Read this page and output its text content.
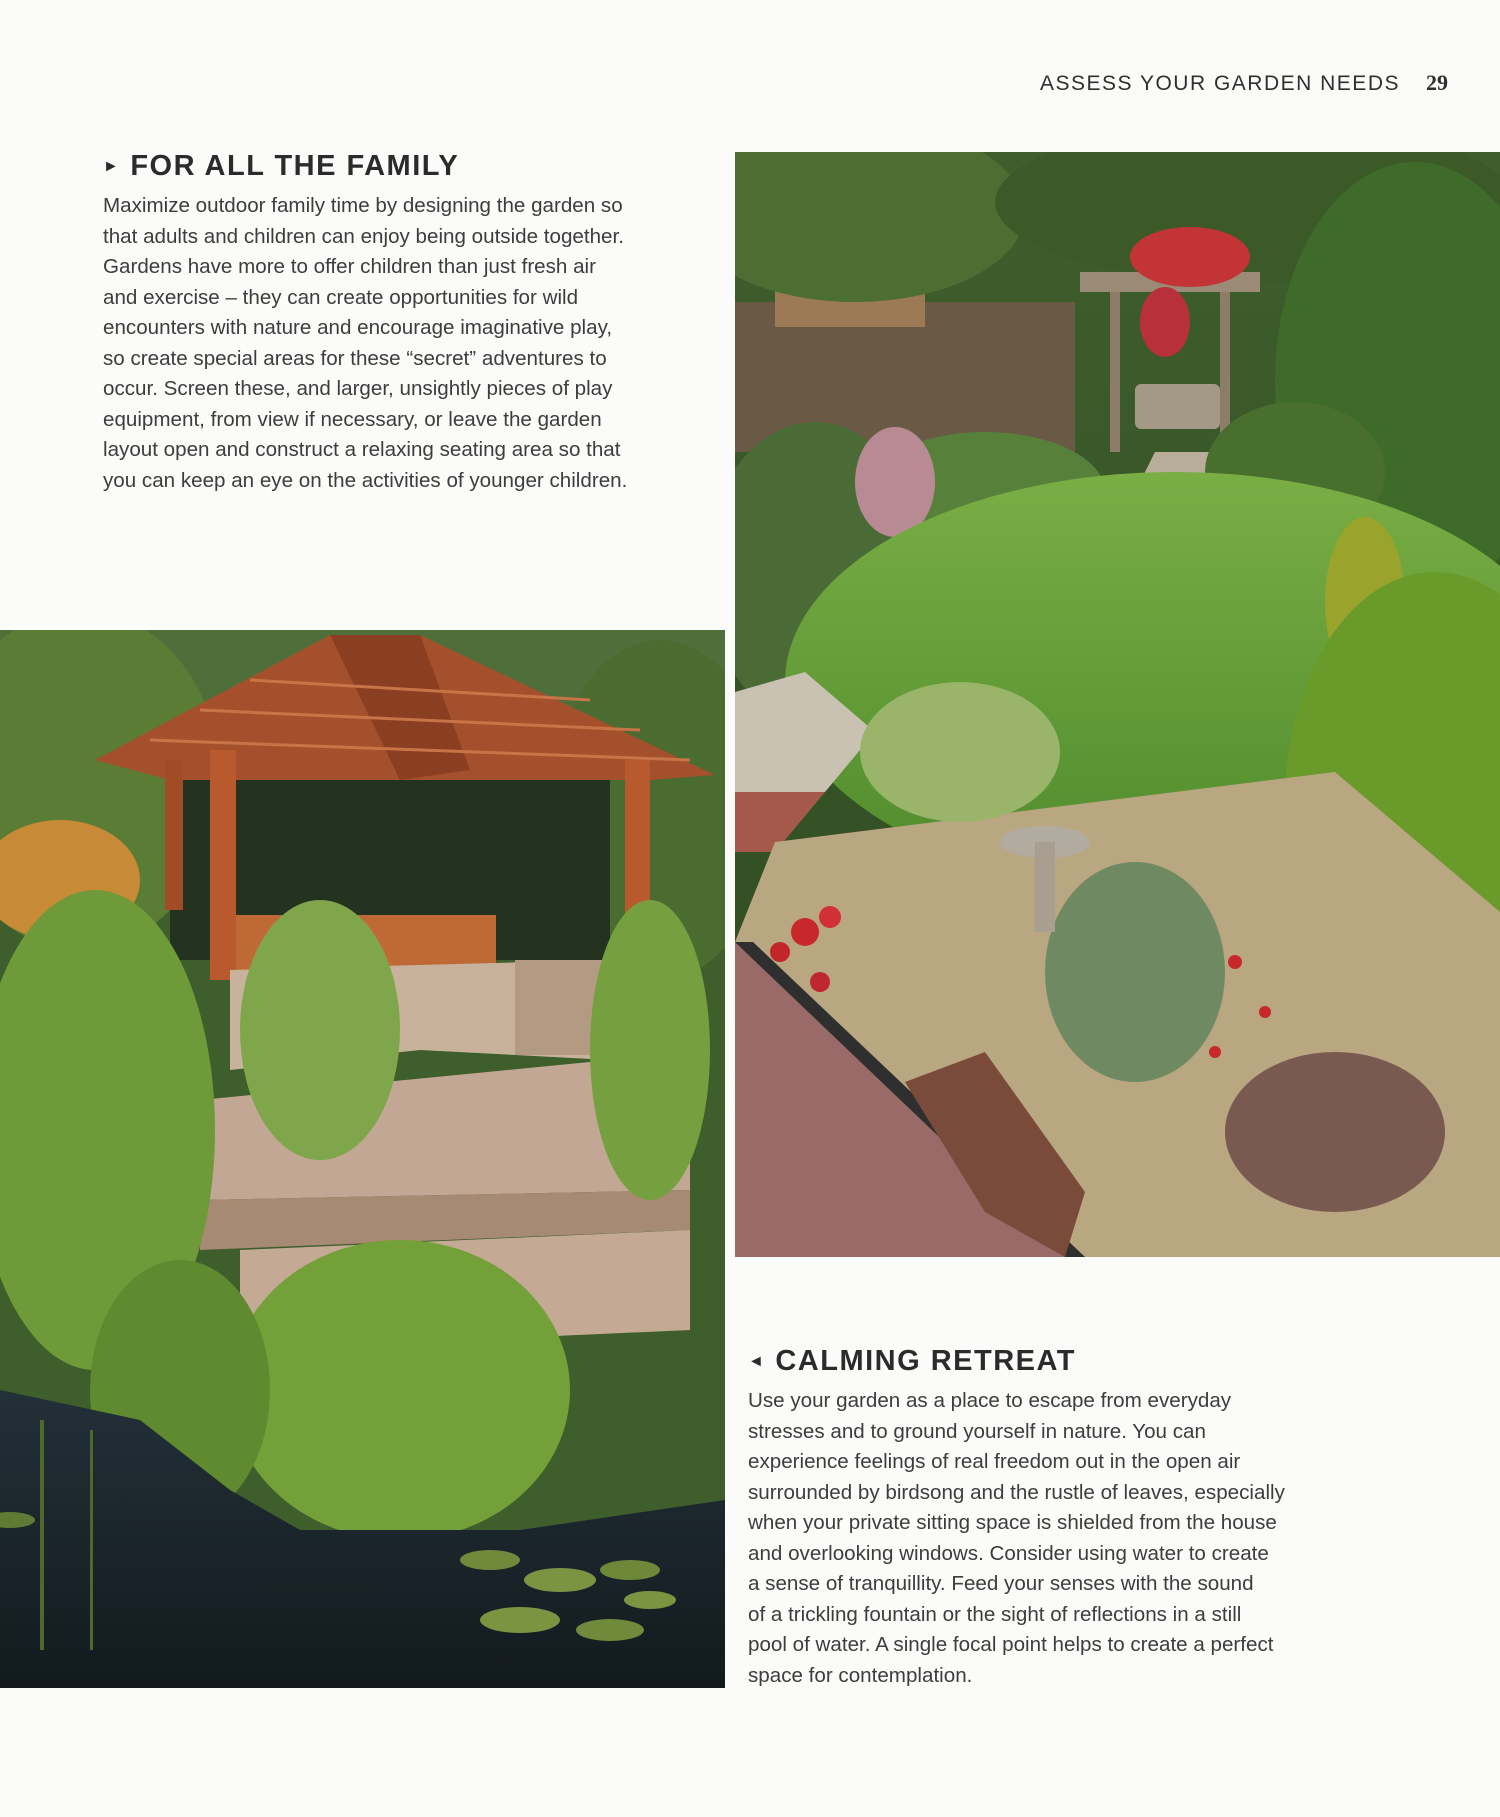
ASSESS YOUR GARDEN NEEDS 29
► FOR ALL THE FAMILY

Maximize outdoor family time by designing the garden so
that adults and children can enjoy being outside together.
Gardens have more to offer children than just fresh air
and exercise – they can create opportunities for wild
encounters with nature and encourage imaginative play,
so create special areas for these “secret” adventures to
occur. Screen these, and larger, unsightly pieces of play
equipment, from view if necessary, or leave the garden
layout open and construct a relaxing seating area so that
you can keep an eye on the activities of younger children.

◄ CALMING RETREAT

Use your garden as a place to escape from everyday
stresses and to ground yourself in nature. You can
experience feelings of real freedom out in the open air
surrounded by birdsong and the rustle of leaves, especially
when your private sitting space is shielded from the house
and overlooking windows. Consider using water to create
a sense of tranquillity. Feed your senses with the sound
of a trickling fountain or the sight of reflections in a still
pool of water. A single focal point helps to create a perfect
space for contemplation.
